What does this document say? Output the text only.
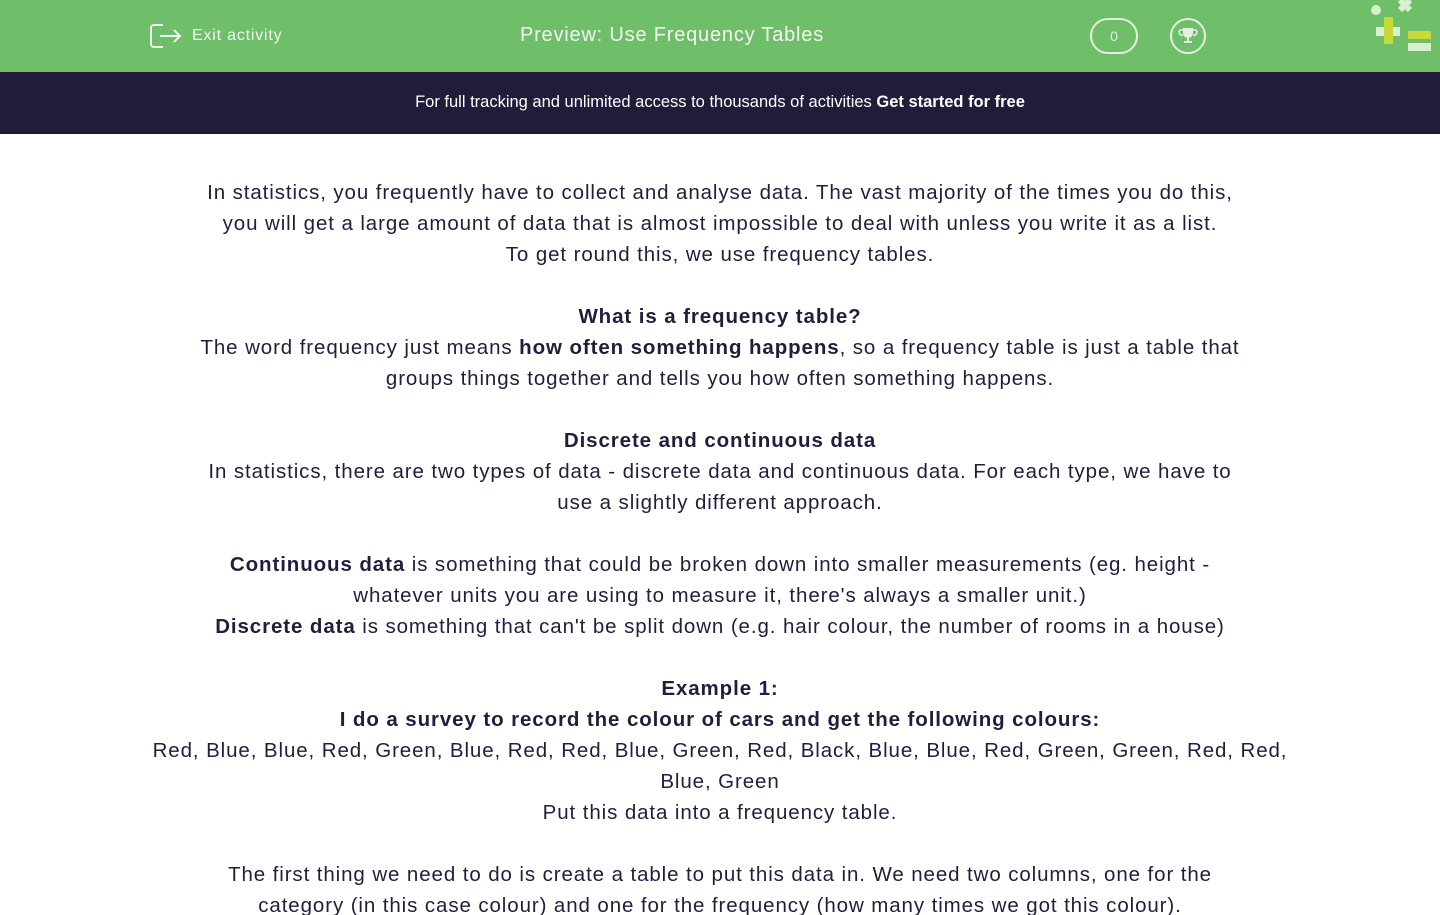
Exit activity	Preview: Use Frequency Tables	0
For full tracking and unlimited access to thousands of activities Get started for free

In statistics, you frequently have to collect and analyse data. The vast majority of the times you do this,

you will get a large amount of data that is almost impossible to deal with unless you write it as a list.

To get round this, we use frequency tables.

What is a frequency table?

The word frequency just means how often something happens, so a frequency table is just a table that

groups things together and tells you how often something happens.

Discrete and continuous data

In statistics, there are two types of data - discrete data and continuous data. For each type, we have to

use a slightly different approach.

Continuous data is something that could be broken down into smaller measurements (eg. height -

whatever units you are using to measure it, there's always a smaller unit.)

Discrete data is something that can't be split down (e.g. hair colour, the number of rooms in a house)

Example 1:

I do a survey to record the colour of cars and get the following colours:

Red, Blue, Blue, Red, Green, Blue, Red, Red, Blue, Green, Red, Black, Blue, Blue, Red, Green, Green, Red, Red,

Blue, Green

Put this data into a frequency table.

The first thing we need to do is create a table to put this data in. We need two columns, one for the

category (in this case colour) and one for the frequency (how many times we got this colour).
